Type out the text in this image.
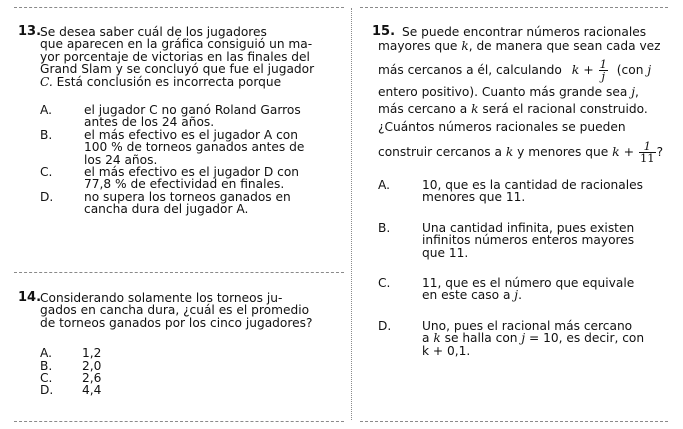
13.
Se desea saber cuál de los jugadores
que aparecen en la gráfica consiguió un ma-
yor porcentaje de victorias en las finales del
Grand Slam y se concluyó que fue el jugador
C. Está conclusión es incorrecta porque
A.	el jugador C no ganó Roland Garros
antes de los 24 años.
B.	el más efectivo es el jugador A con
100 % de torneos ganados antes de
los 24 años.
C.	el más efectivo es el jugador D con
77,8 % de efectividad en finales.
D.	no supera los torneos ganados en
cancha dura del jugador A.
14.
Considerando solamente los torneos ju-
gados en cancha dura, ¿cuál es el promedio
de torneos ganados por los cinco jugadores?
A. 1,2
B. 2,0
C. 2,6
D. 4,4
15. Se puede encontrar números racionales
mayores que k, de manera que sean cada vez
más cercanos a él, calculando $k + \frac{1}{j} (con$ j
entero positivo). Cuanto más grande sea j,
más cercano a k será el racional construido.
¿Cuántos números racionales se pueden
construir cercanos a k y menores que $k + \frac{1}{11}$ ?
A.	10, que es la cantidad de racionales
menores que 11.
B.	Una cantidad infinita, pues existen
infinitos números enteros mayores
que 11.
C.	11, que es el número que equivale
en este caso a j.
D.	Uno, pues el racional más cercano
a k se halla con j = 10, es decir, con
k + 0,1.
